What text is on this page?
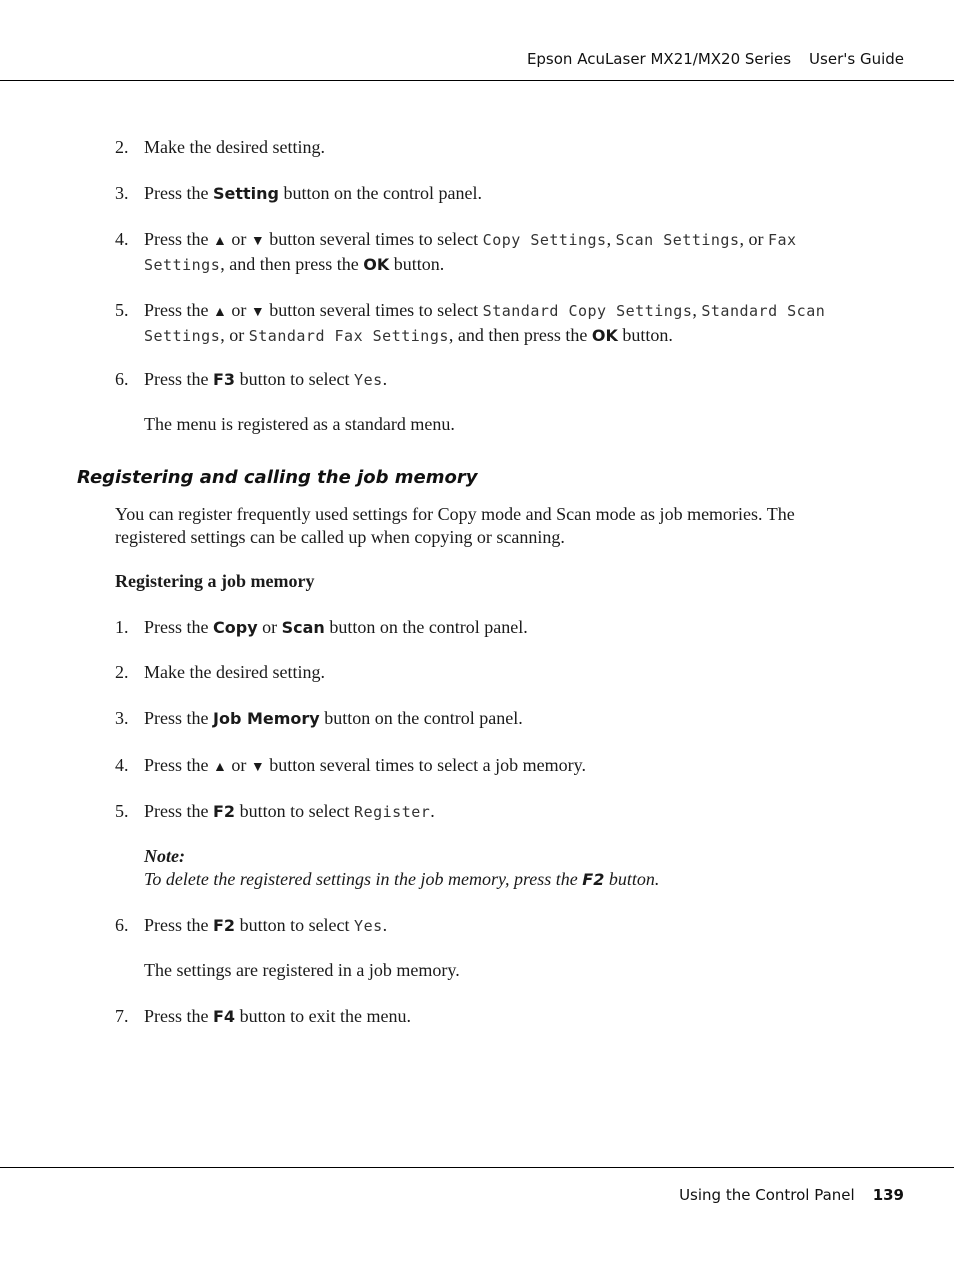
Epson AcuLaser MX21/MX20 Series User's Guide
2. Make the desired setting.
3. Press the Setting button on the control panel.
4. Press the ▲ or ▼ button several times to select Copy Settings, Scan Settings, or Fax
Settings, and then press the OK button.
5. Press the ▲ or ▼ button several times to select Standard Copy Settings, Standard Scan
Settings, or Standard Fax Settings, and then press the OK button.
6. Press the F3 button to select Yes.
The menu is registered as a standard menu.
Registering and calling the job memory
You can register frequently used settings for Copy mode and Scan mode as job memories. The
registered settings can be called up when copying or scanning.
Registering a job memory
1. Press the Copy or Scan button on the control panel.
2. Make the desired setting.
3. Press the Job Memory button on the control panel.
4. Press the ▲ or ▼ button several times to select a job memory.
5. Press the F2 button to select Register.
Note:
To delete the registered settings in the job memory, press the F2 button.
6. Press the F2 button to select Yes.
The settings are registered in a job memory.
7. Press the F4 button to exit the menu.
Using the Control Panel 139
